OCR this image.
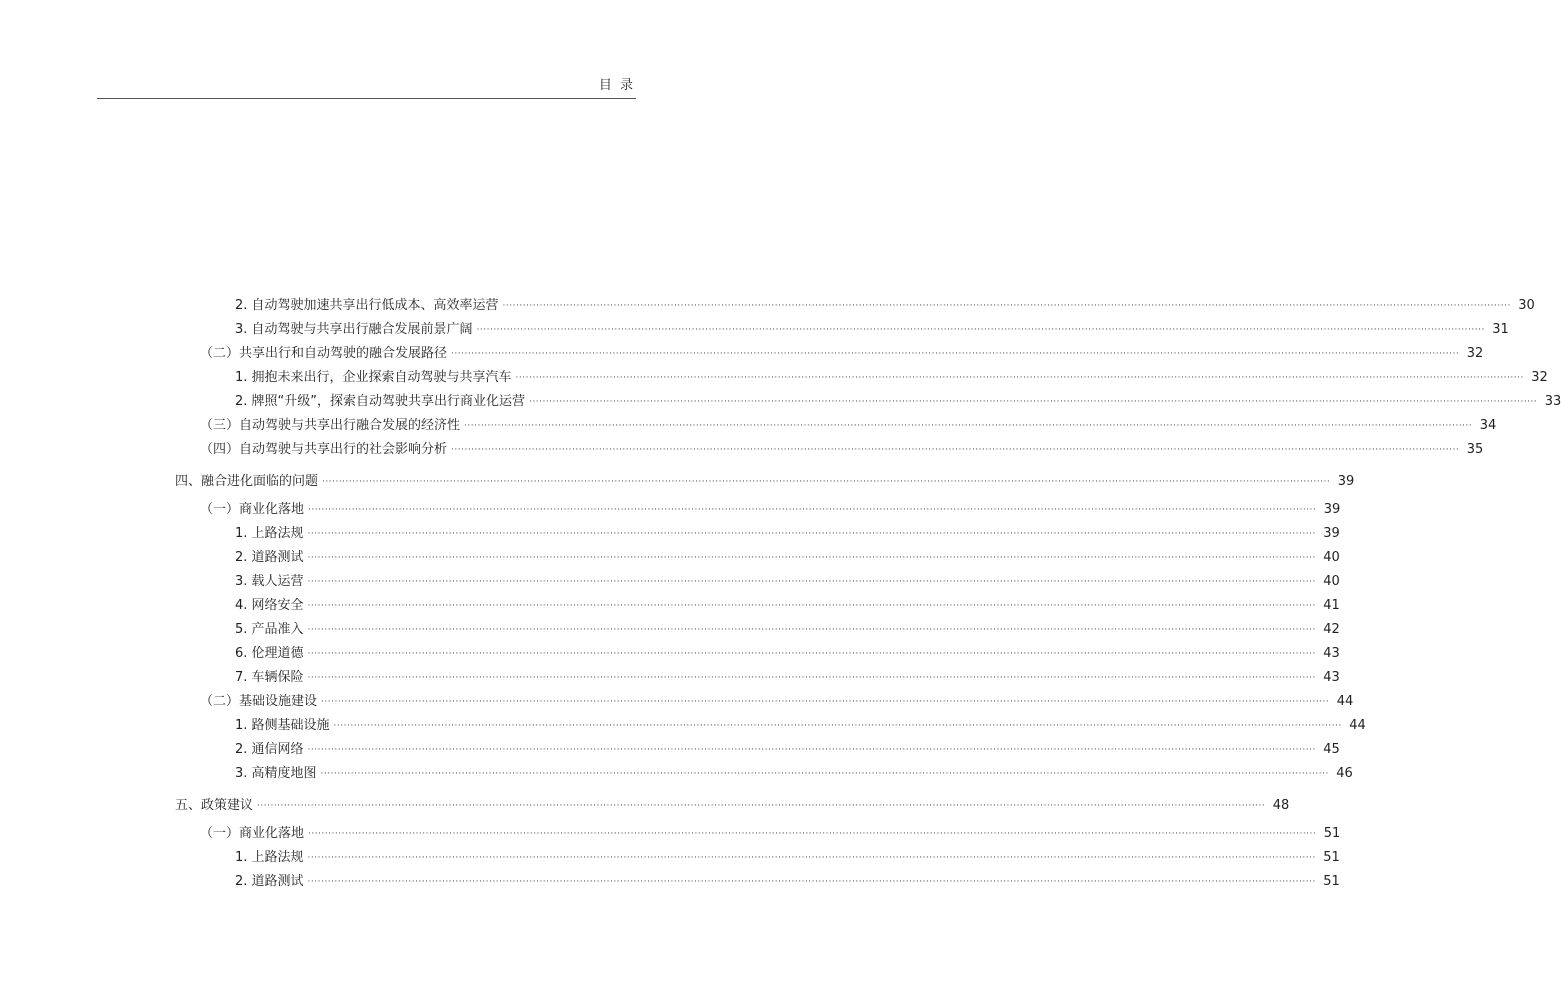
目 录
2. 自动驾驶加速共享出行低成本、高效率运营 ············································································································································································································································································································ 30
3. 自动驾驶与共享出行融合发展前景广阔 ············································································································································································································································································································ 31
（二）共享出行和自动驾驶的融合发展路径 ············································································································································································································································································································ 32
1. 拥抱未来出行，企业探索自动驾驶与共享汽车 ············································································································································································································································································································ 32
2. 牌照“升级”，探索自动驾驶共享出行商业化运营 ············································································································································································································································································································ 33
（三）自动驾驶与共享出行融合发展的经济性 ············································································································································································································································································································ 34
（四）自动驾驶与共享出行的社会影响分析 ············································································································································································································································································································ 35
四、融合进化面临的问题 ············································································································································································································································································································ 39
（一）商业化落地 ············································································································································································································································································································ 39
1. 上路法规 ············································································································································································································································································································ 39
2. 道路测试 ············································································································································································································································································································ 40
3. 载人运营 ············································································································································································································································································································ 40
4. 网络安全 ············································································································································································································································································································ 41
5. 产品准入 ············································································································································································································································································································ 42
6. 伦理道德 ············································································································································································································································································································ 43
7. 车辆保险 ············································································································································································································································································································ 43
（二）基础设施建设 ············································································································································································································································································································ 44
1. 路侧基础设施 ············································································································································································································································································································ 44
2. 通信网络 ············································································································································································································································································································ 45
3. 高精度地图 ············································································································································································································································································································ 46
五、政策建议 ············································································································································································································································································································ 48
（一）商业化落地 ············································································································································································································································································································ 51
1. 上路法规 ············································································································································································································································································································ 51
2. 道路测试 ············································································································································································································································································································ 51
